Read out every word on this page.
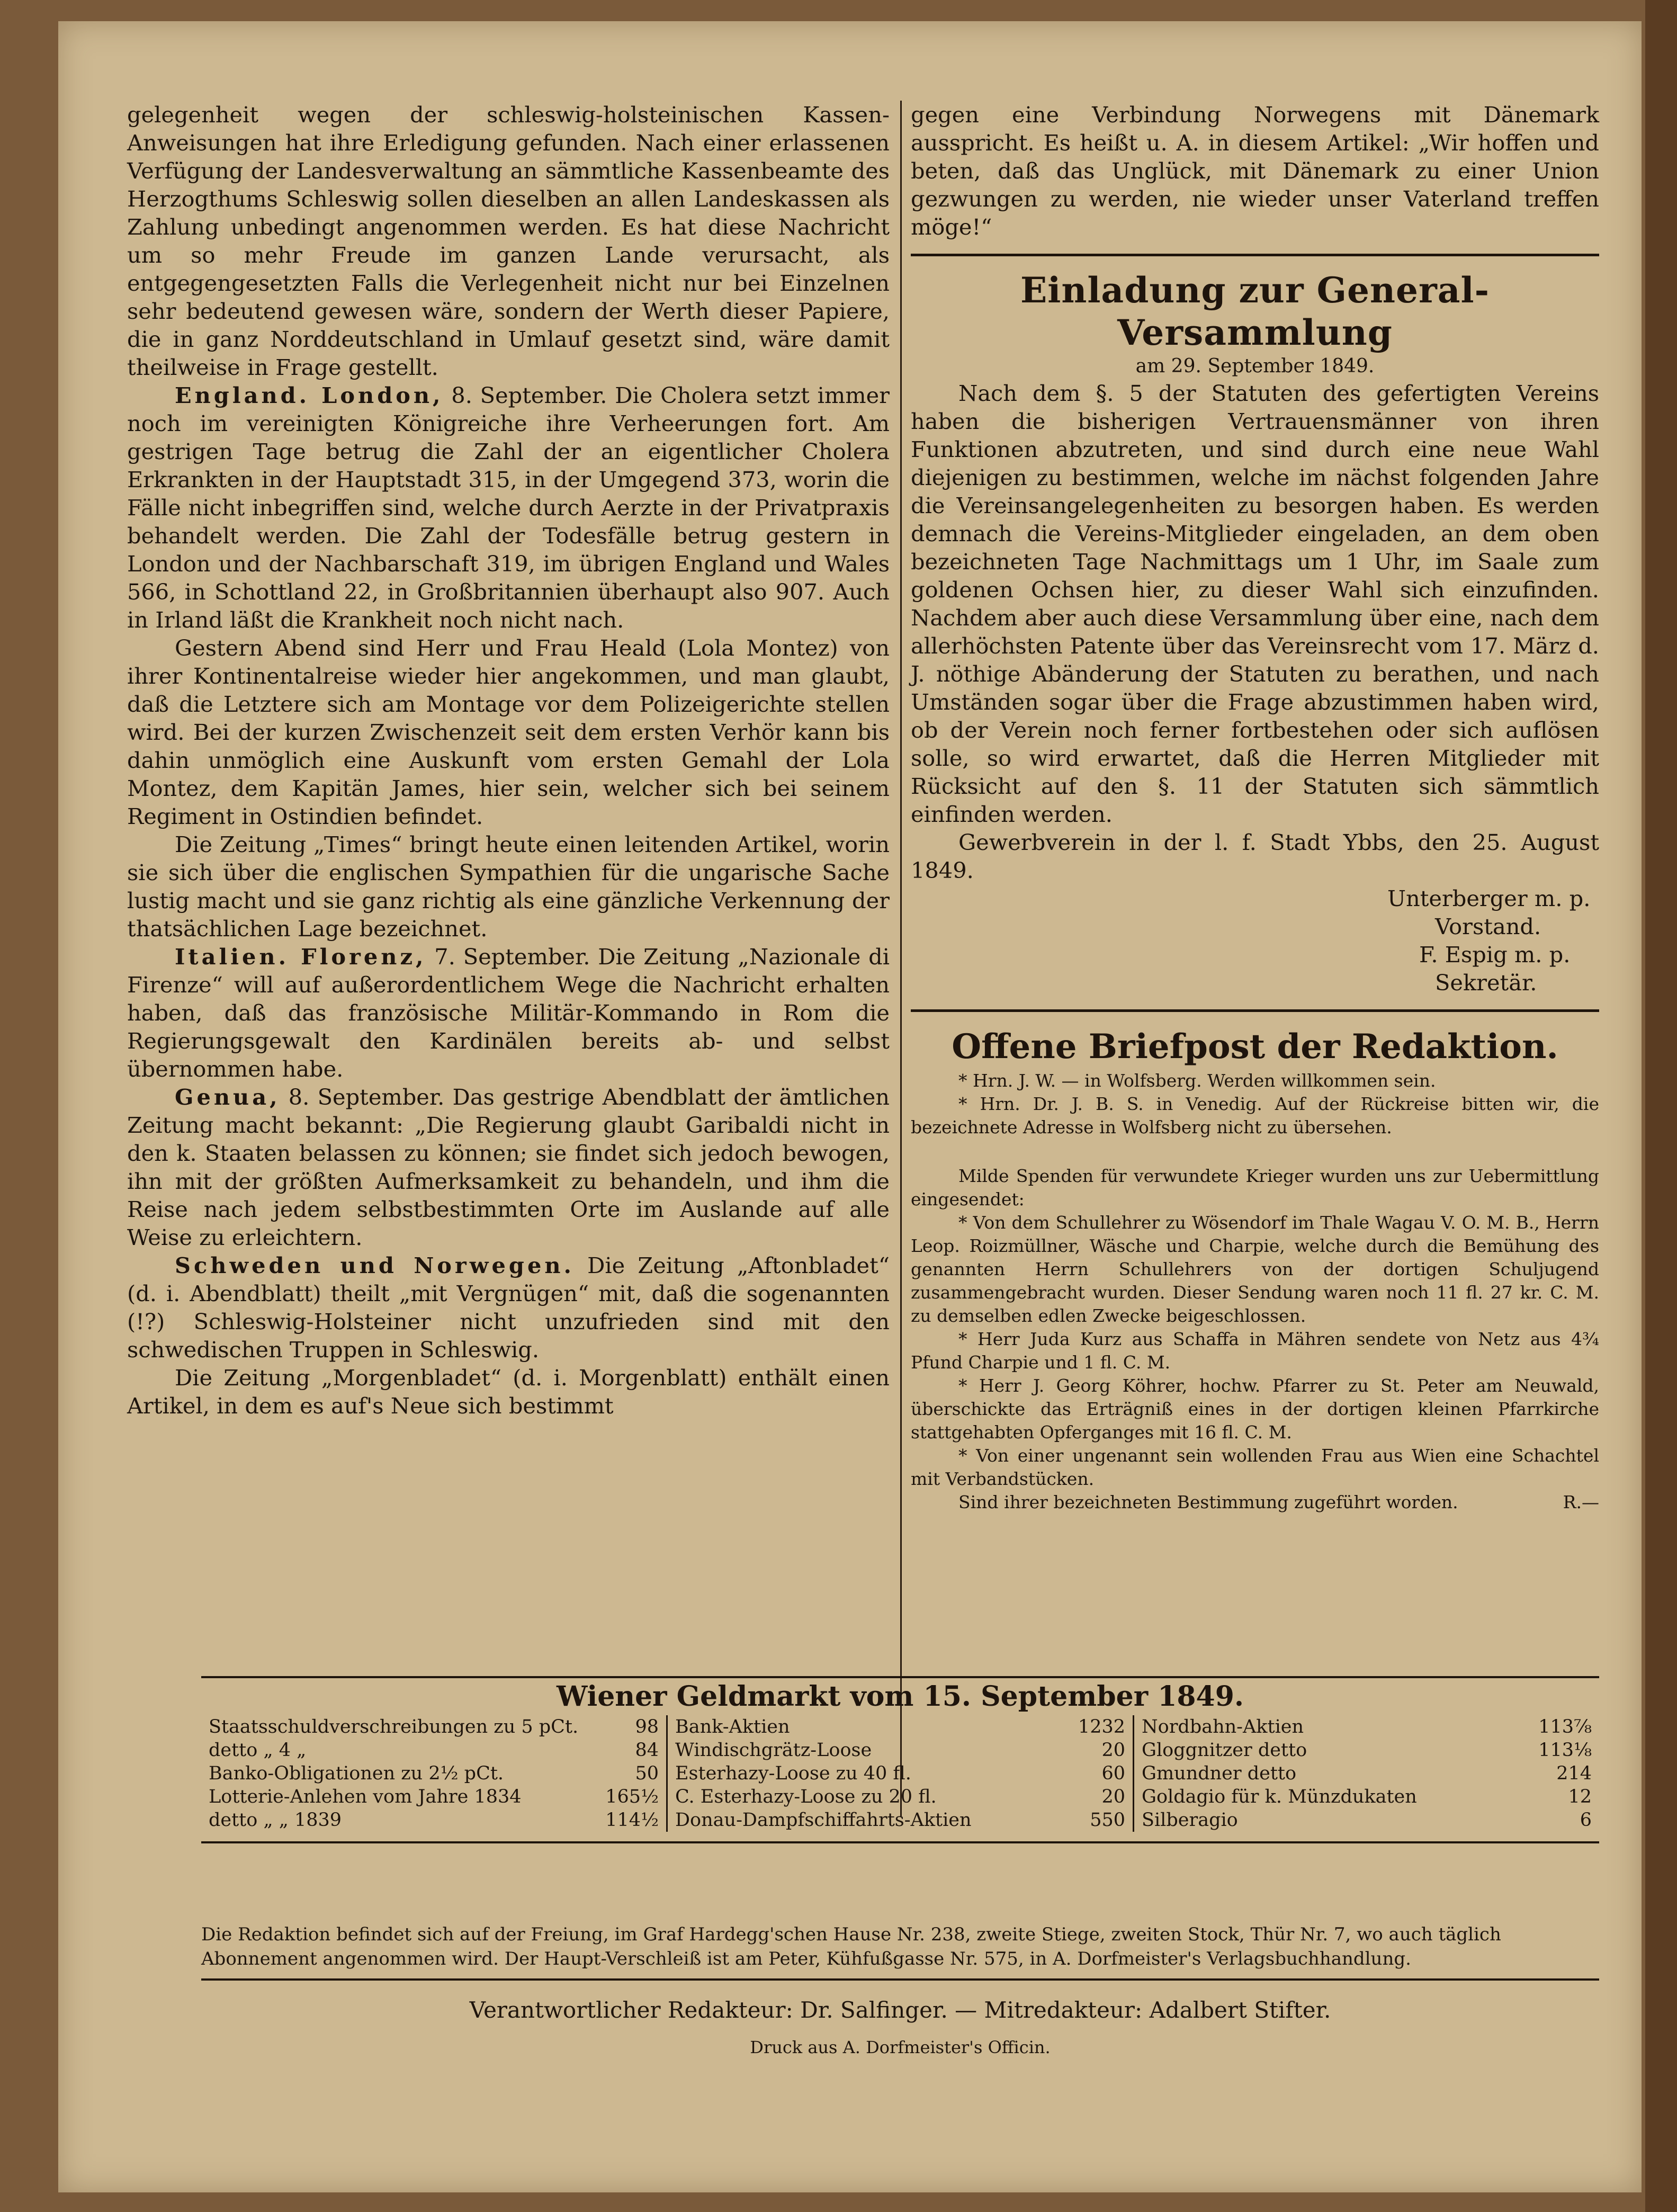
gelegenheit wegen der schleswig-holsteinischen Kassen-Anweisungen hat ihre Erledigung gefunden. Nach einer erlassenen Verfügung der Landesverwaltung an sämmtliche Kassenbeamte des Herzogthums Schleswig sollen dieselben an allen Landeskassen als Zahlung unbedingt angenommen werden. Es hat diese Nachricht um so mehr Freude im ganzen Lande verursacht, als entgegengesetzten Falls die Verlegenheit nicht nur bei Einzelnen sehr bedeutend gewesen wäre, sondern der Werth dieser Papiere, die in ganz Norddeutschland in Umlauf gesetzt sind, wäre damit theilweise in Frage gestellt.

England. London, 8. September. Die Cholera setzt immer noch im vereinigten Königreiche ihre Verheerungen fort. Am gestrigen Tage betrug die Zahl der an eigentlicher Cholera Erkrankten in der Hauptstadt 315, in der Umgegend 373, worin die Fälle nicht inbegriffen sind, welche durch Aerzte in der Privatpraxis behandelt werden. Die Zahl der Todesfälle betrug gestern in London und der Nachbarschaft 319, im übrigen England und Wales 566, in Schottland 22, in Großbritannien überhaupt also 907. Auch in Irland läßt die Krankheit noch nicht nach.

Gestern Abend sind Herr und Frau Heald (Lola Montez) von ihrer Kontinentalreise wieder hier angekommen, und man glaubt, daß die Letztere sich am Montage vor dem Polizeigerichte stellen wird. Bei der kurzen Zwischenzeit seit dem ersten Verhör kann bis dahin unmöglich eine Auskunft vom ersten Gemahl der Lola Montez, dem Kapitän James, hier sein, welcher sich bei seinem Regiment in Ostindien befindet.

Die Zeitung „Times“ bringt heute einen leitenden Artikel, worin sie sich über die englischen Sympathien für die ungarische Sache lustig macht und sie ganz richtig als eine gänzliche Verkennung der thatsächlichen Lage bezeichnet.

Italien. Florenz, 7. September. Die Zeitung „Nazionale di Firenze“ will auf außerordentlichem Wege die Nachricht erhalten haben, daß das französische Militär-Kommando in Rom die Regierungsgewalt den Kardinälen bereits ab- und selbst übernommen habe.

Genua, 8. September. Das gestrige Abendblatt der ämtlichen Zeitung macht bekannt: „Die Regierung glaubt Garibaldi nicht in den k. Staaten belassen zu können; sie findet sich jedoch bewogen, ihn mit der größten Aufmerksamkeit zu behandeln, und ihm die Reise nach jedem selbstbestimmten Orte im Auslande auf alle Weise zu erleichtern.

Schweden und Norwegen. Die Zeitung „Aftonbladet“ (d. i. Abendblatt) theilt „mit Vergnügen“ mit, daß die sogenannten (!?) Schleswig-Holsteiner nicht unzufrieden sind mit den schwedischen Truppen in Schleswig.

Die Zeitung „Morgenbladet“ (d. i. Morgenblatt) enthält einen Artikel, in dem es auf's Neue sich bestimmt

gegen eine Verbindung Norwegens mit Dänemark ausspricht. Es heißt u. A. in diesem Artikel: „Wir hoffen und beten, daß das Unglück, mit Dänemark zu einer Union gezwungen zu werden, nie wieder unser Vaterland treffen möge!“

Einladung zur General-Versammlung
am 29. September 1849.

Nach dem §. 5 der Statuten des gefertigten Vereins haben die bisherigen Vertrauensmänner von ihren Funktionen abzutreten, und sind durch eine neue Wahl diejenigen zu bestimmen, welche im nächst folgenden Jahre die Vereinsangelegenheiten zu besorgen haben. Es werden demnach die Vereins-Mitglieder eingeladen, an dem oben bezeichneten Tage Nachmittags um 1 Uhr, im Saale zum goldenen Ochsen hier, zu dieser Wahl sich einzufinden. Nachdem aber auch diese Versammlung über eine, nach dem allerhöchsten Patente über das Vereinsrecht vom 17. März d. J. nöthige Abänderung der Statuten zu berathen, und nach Umständen sogar über die Frage abzustimmen haben wird, ob der Verein noch ferner fortbestehen oder sich auflösen solle, so wird erwartet, daß die Herren Mitglieder mit Rücksicht auf den §. 11 der Statuten sich sämmtlich einfinden werden.

Gewerbverein in der l. f. Stadt Ybbs, den 25. August 1849.

Unterberger m. p.
Vorstand.
F. Espig m. p.
Sekretär.
Offene Briefpost der Redaktion.

* Hrn. J. W. — in Wolfsberg. Werden willkommen sein.

* Hrn. Dr. J. B. S. in Venedig. Auf der Rückreise bitten wir, die bezeichnete Adresse in Wolfsberg nicht zu übersehen.

Milde Spenden für verwundete Krieger wurden uns zur Uebermittlung eingesendet:

* Von dem Schullehrer zu Wösendorf im Thale Wagau V. O. M. B., Herrn Leop. Roizmüllner, Wäsche und Charpie, welche durch die Bemühung des genannten Herrn Schullehrers von der dortigen Schuljugend zusammengebracht wurden. Dieser Sendung waren noch 11 fl. 27 kr. C. M. zu demselben edlen Zwecke beigeschlossen.

* Herr Juda Kurz aus Schaffa in Mähren sendete von Netz aus 4¾ Pfund Charpie und 1 fl. C. M.

* Herr J. Georg Köhrer, hochw. Pfarrer zu St. Peter am Neuwald, überschickte das Erträgniß eines in der dortigen kleinen Pfarrkirche stattgehabten Opferganges mit 16 fl. C. M.

* Von einer ungenannt sein wollenden Frau aus Wien eine Schachtel mit Verbandstücken.

Sind ihrer bezeichneten Bestimmung zugeführt worden.	R.—

Wiener Geldmarkt vom 15. September 1849.
Staatsschuldverschreibungen zu 5 pCt.	98
detto „ 4 „	84
Banko-Obligationen zu 2½ pCt.	50
Lotterie-Anlehen vom Jahre 1834	165½
detto „ „ 1839	114½
Bank-Aktien	1232
Windischgrätz-Loose	20
Esterhazy-Loose zu 40 fl.	60
C. Esterhazy-Loose zu 20 fl.	20
Donau-Dampfschiffahrts-Aktien	550
Nordbahn-Aktien	113⅞
Gloggnitzer detto	113⅛
Gmundner detto	214
Goldagio für k. Münzdukaten	12
Silberagio	6
Die Redaktion befindet sich auf der Freiung, im Graf Hardegg'schen Hause Nr. 238, zweite Stiege, zweiten Stock, Thür Nr. 7, wo auch täglich Abonnement angenommen wird. Der Haupt-Verschleiß ist am Peter, Kühfußgasse Nr. 575, in A. Dorfmeister's Verlagsbuchhandlung.
Verantwortlicher Redakteur: Dr. Salfinger. — Mitredakteur: Adalbert Stifter.
Druck aus A. Dorfmeister's Officin.
